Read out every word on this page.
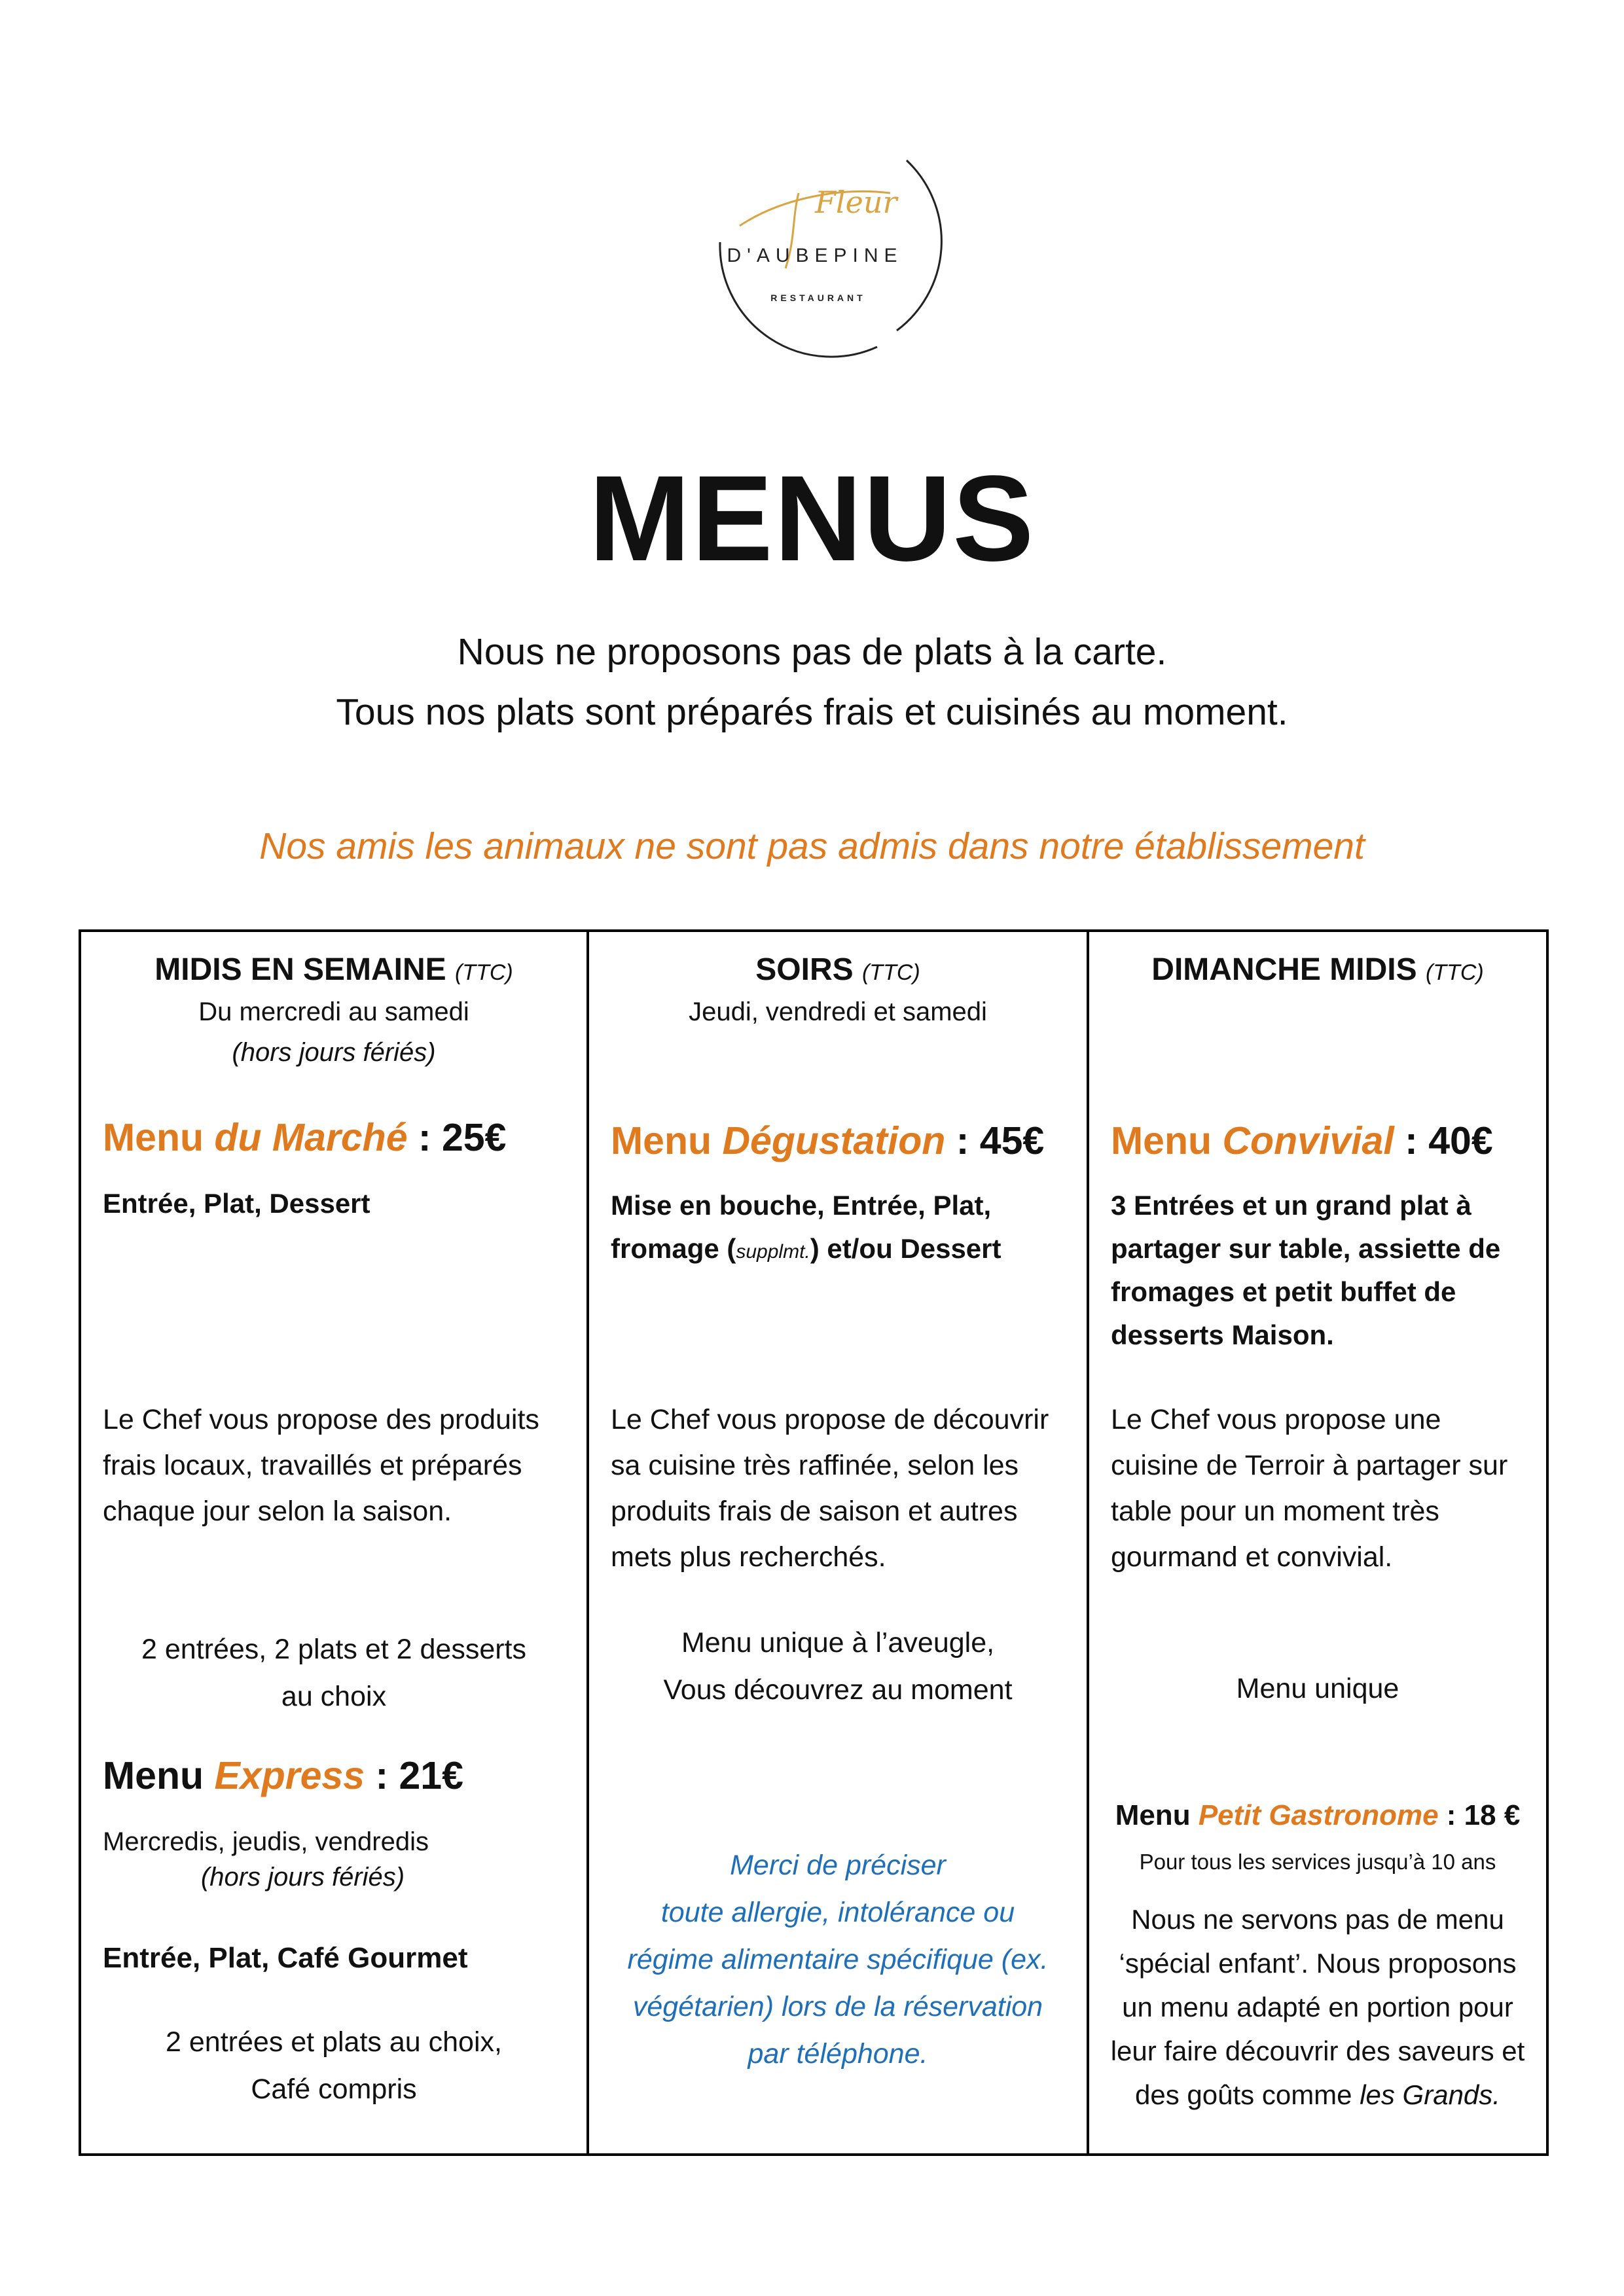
Fleur
D'AUBEPINE
RESTAURANT
MENUS
Nous ne proposons pas de plats à la carte.
Tous nos plats sont préparés frais et cuisinés au moment.
Nos amis les animaux ne sont pas admis dans notre établissement
MIDIS EN SEMAINE (TTC)
Du mercredi au samedi
(hors jours fériés)
Menu du Marché : 25€
Entrée, Plat, Dessert
Le Chef vous propose des produits frais locaux, travaillés et préparés chaque jour selon la saison.
2 entrées, 2 plats et 2 desserts
au choix
Menu Express : 21€
Mercredis, jeudis, vendredis
(hors jours fériés)
Entrée, Plat, Café Gourmet
2 entrées et plats au choix,
Café compris

SOIRS (TTC)
Jeudi, vendredi et samedi
Menu Dégustation : 45€
Mise en bouche, Entrée, Plat,
fromage (supplmt.) et/ou Dessert
Le Chef vous propose de découvrir sa cuisine très raffinée, selon les produits frais de saison et autres mets plus recherchés.
Menu unique à l’aveugle,
Vous découvrez au moment
Merci de préciser
toute allergie, intolérance ou
régime alimentaire spécifique (ex.
végétarien) lors de la réservation
par téléphone.

DIMANCHE MIDIS (TTC)
Menu Convivial : 40€
3 Entrées et un grand plat à partager sur table, assiette de fromages et petit buffet de desserts Maison.
Le Chef vous propose une cuisine de Terroir à partager sur table pour un moment très gourmand et convivial.
Menu unique
Menu Petit Gastronome : 18 €
Pour tous les services jusqu’à 10 ans
Nous ne servons pas de menu ‘spécial enfant’. Nous proposons un menu adapté en portion pour leur faire découvrir des saveurs et des goûts comme les Grands.
